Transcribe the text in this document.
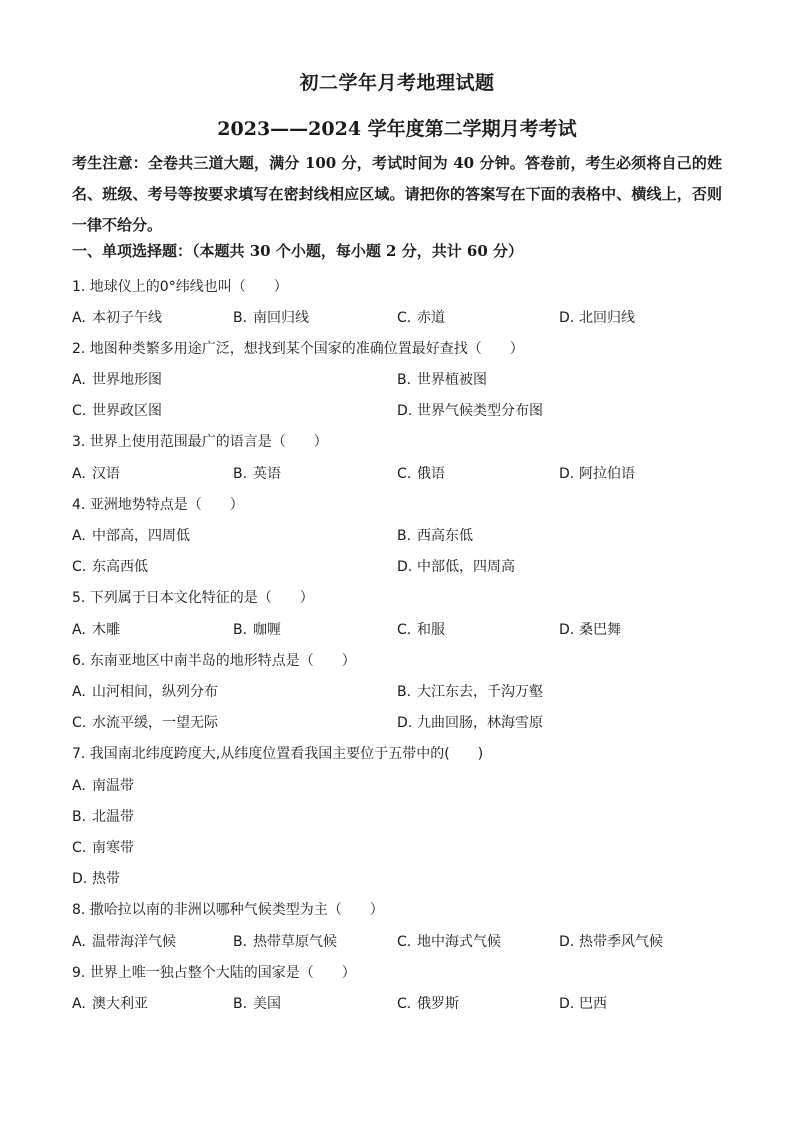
初二学年月考地理试题
2023——2024 学年度第二学期月考考试
考生注意：全卷共三道大题，满分 100 分，考试时间为 40 分钟。答卷前，考生必须将自己的姓名、班级、考号等按要求填写在密封线相应区域。请把你的答案写在下面的表格中、横线上，否则一律不给分。
一、单项选择题：（本题共 30 个小题，每小题 2 分，共计 60 分）
1. 地球仪上的0°纬线也叫（　　）
A. 本初子午线	B. 南回归线	C. 赤道	D. 北回归线
2. 地图种类繁多用途广泛，想找到某个国家的准确位置最好查找（　　）
A. 世界地形图	B. 世界植被图
C. 世界政区图	D. 世界气候类型分布图
3. 世界上使用范围最广的语言是（　　）
A. 汉语	B. 英语	C. 俄语	D. 阿拉伯语
4. 亚洲地势特点是（　　）
A. 中部高，四周低	B. 西高东低
C. 东高西低	D. 中部低，四周高
5. 下列属于日本文化特征的是（　　）
A. 木雕	B. 咖喱	C. 和服	D. 桑巴舞
6. 东南亚地区中南半岛的地形特点是（　　）
A. 山河相间，纵列分布	B. 大江东去，千沟万壑
C. 水流平缓，一望无际	D. 九曲回肠，林海雪原
7. 我国南北纬度跨度大,从纬度位置看我国主要位于五带中的(　　)
A. 南温带
B. 北温带
C. 南寒带
D. 热带
8. 撒哈拉以南的非洲以哪种气候类型为主（　　）
A. 温带海洋气候	B. 热带草原气候	C. 地中海式气候	D. 热带季风气候
9. 世界上唯一独占整个大陆的国家是（　　）
A. 澳大利亚	B. 美国	C. 俄罗斯	D. 巴西
